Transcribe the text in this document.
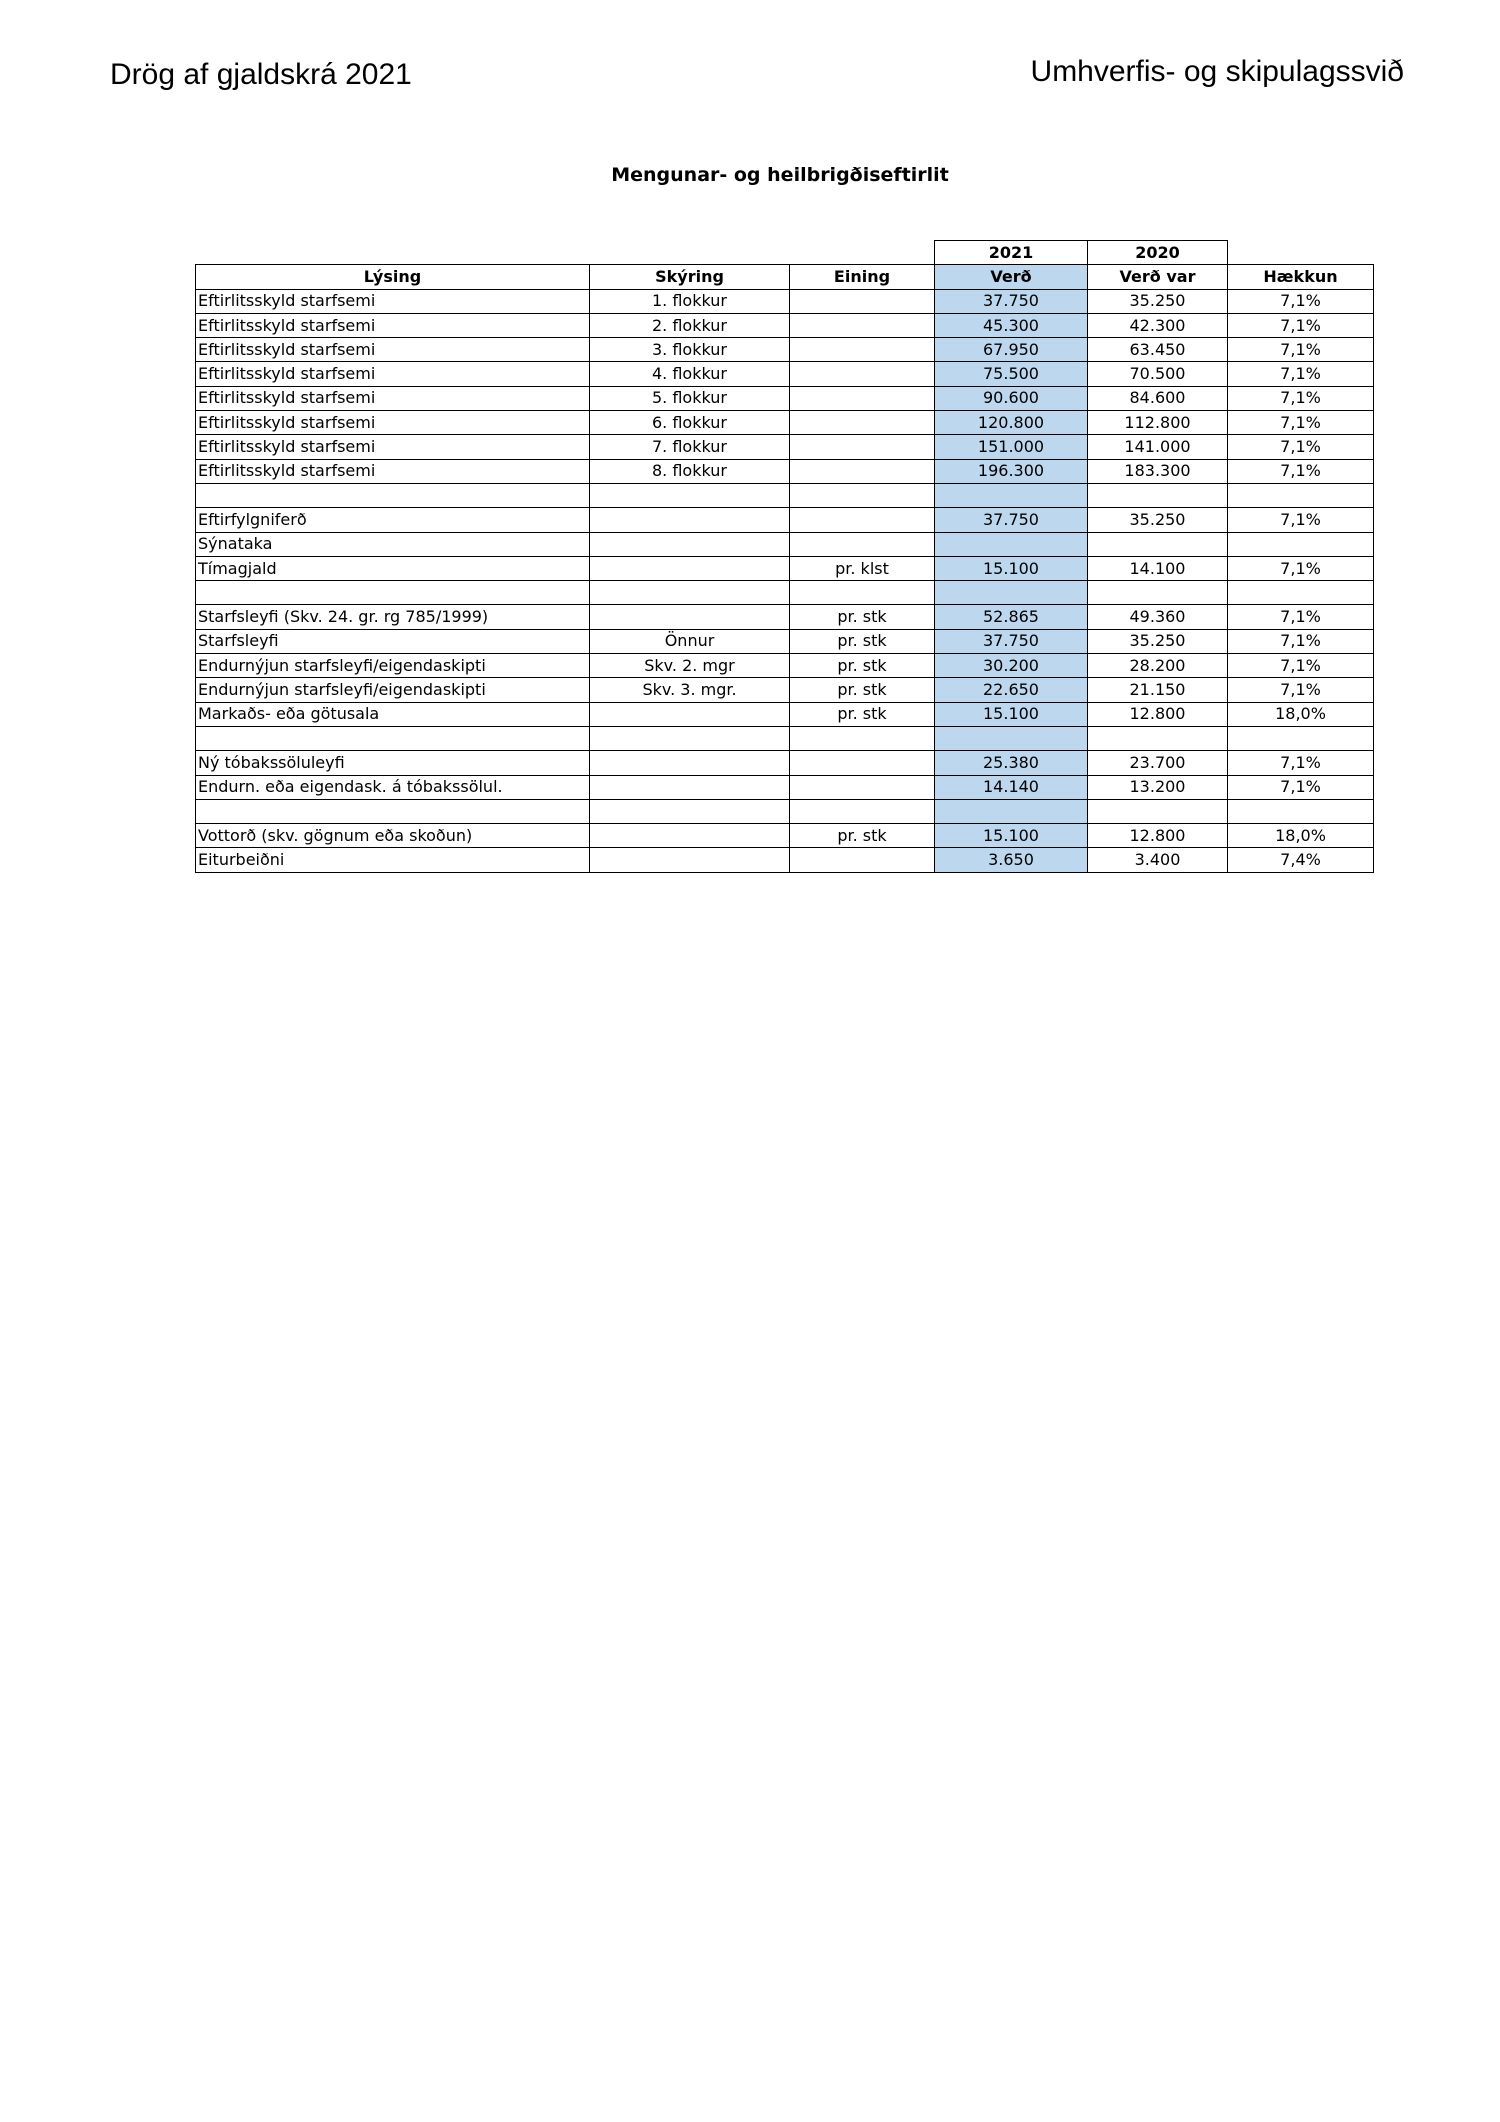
Drög af gjaldskrá 2021	Umhverfis- og skipulagssvið
Mengunar- og heilbrigðiseftirlit
			2021	2020	
Lýsing	Skýring	Eining	Verð	Verð var	Hækkun
Eftirlitsskyld starfsemi	1. flokkur		37.750	35.250	7,1%
Eftirlitsskyld starfsemi	2. flokkur		45.300	42.300	7,1%
Eftirlitsskyld starfsemi	3. flokkur		67.950	63.450	7,1%
Eftirlitsskyld starfsemi	4. flokkur		75.500	70.500	7,1%
Eftirlitsskyld starfsemi	5. flokkur		90.600	84.600	7,1%
Eftirlitsskyld starfsemi	6. flokkur		120.800	112.800	7,1%
Eftirlitsskyld starfsemi	7. flokkur		151.000	141.000	7,1%
Eftirlitsskyld starfsemi	8. flokkur		196.300	183.300	7,1%

Eftirfylgniferð			37.750	35.250	7,1%
Sýnataka					
Tímagjald		pr. klst	15.100	14.100	7,1%

Starfsleyfi (Skv. 24. gr. rg 785/1999)		pr. stk	52.865	49.360	7,1%
Starfsleyfi	Önnur	pr. stk	37.750	35.250	7,1%
Endurnýjun starfsleyfi/eigendaskipti	Skv. 2. mgr	pr. stk	30.200	28.200	7,1%
Endurnýjun starfsleyfi/eigendaskipti	Skv. 3. mgr.	pr. stk	22.650	21.150	7,1%
Markaðs- eða götusala		pr. stk	15.100	12.800	18,0%

Ný tóbakssöluleyfi			25.380	23.700	7,1%
Endurn. eða eigendask. á tóbakssölul.			14.140	13.200	7,1%

Vottorð (skv. gögnum eða skoðun)		pr. stk	15.100	12.800	18,0%
Eiturbeiðni			3.650	3.400	7,4%
